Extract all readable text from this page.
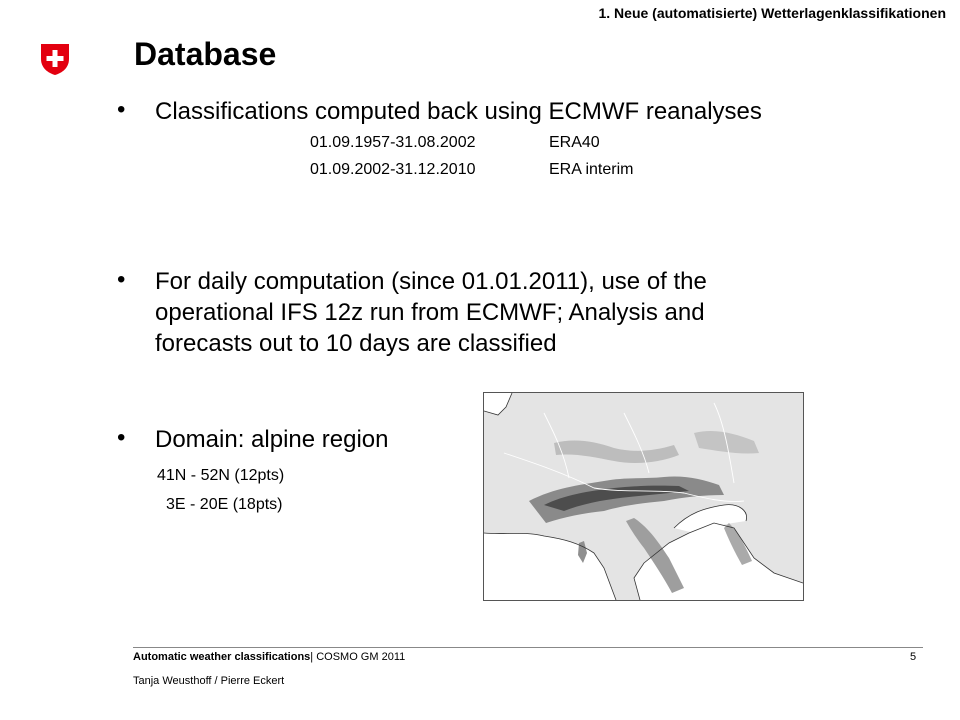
1. Neue (automatisierte) Wetterlagenklassifikationen
Database
• Classifications computed back using ECMWF reanalyses
01.09.1957-31.08.2002	ERA40
01.09.2002-31.12.2010	ERA interim
• For daily computation (since 01.01.2011), use of the operational IFS 12z run from ECMWF; Analysis and forecasts out to 10 days are classified
• Domain: alpine region
41N - 52N (12pts)
3E - 20E (18pts)
Automatic weather classifications| COSMO GM 2011
Tanja Weusthoff / Pierre Eckert
5
